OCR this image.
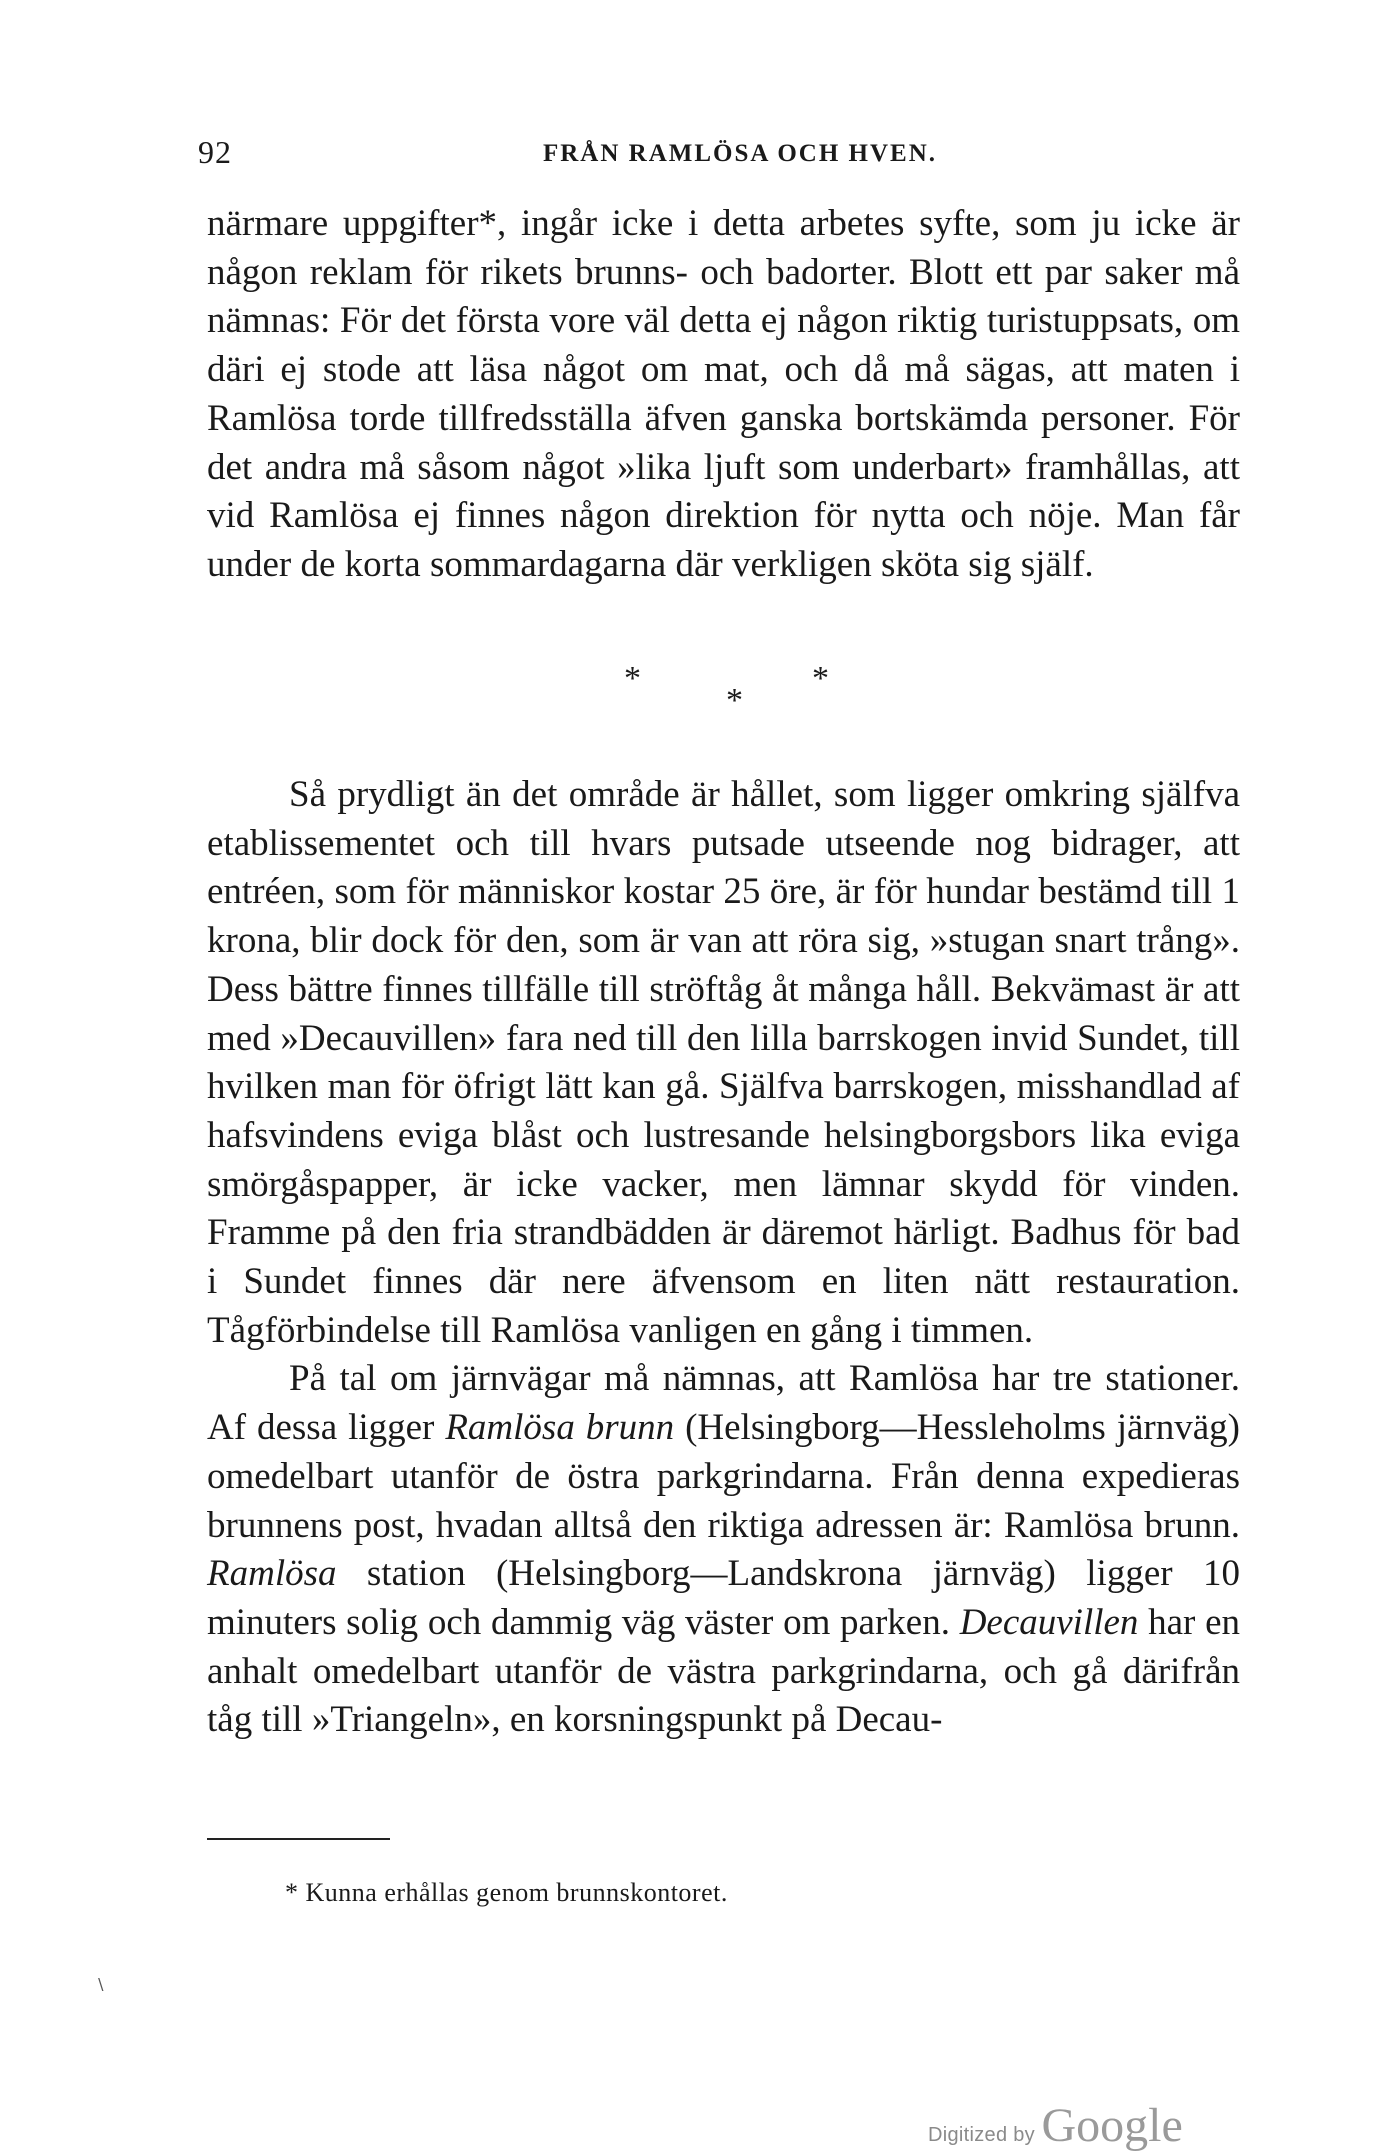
92	FRÅN RAMLÖSA OCH HVEN.

närmare uppgifter*, ingår icke i detta arbetes syfte, som ju icke är någon reklam för rikets brunns- och badorter. Blott ett par saker må nämnas: För det första vore väl detta ej någon riktig turistuppsats, om däri ej stode att läsa något om mat, och då må sägas, att maten i Ramlösa torde tillfredsställa äfven ganska bortskämda personer. För det andra må såsom något »lika ljuft som underbart» framhållas, att vid Ramlösa ej finnes någon direktion för nytta och nöje. Man får under de korta sommardagarna där verkligen sköta sig själf.

*
*
*

Så prydligt än det område är hållet, som ligger omkring själfva etablissementet och till hvars putsade utseende nog bidrager, att entréen, som för människor kostar 25 öre, är för hundar bestämd till 1 krona, blir dock för den, som är van att röra sig, »stugan snart trång». Dess bättre finnes tillfälle till ströftåg åt många håll. Bekvämast är att med »Decauvillen» fara ned till den lilla barrskogen invid Sundet, till hvilken man för öfrigt lätt kan gå. Själfva barrskogen, misshandlad af hafsvindens eviga blåst och lustresande helsingborgsbors lika eviga smörgåspapper, är icke vacker, men lämnar skydd för vinden. Framme på den fria strandbädden är däremot härligt. Badhus för bad i Sundet finnes där nere äfvensom en liten nätt restauration. Tågförbindelse till Ramlösa vanligen en gång i timmen.

På tal om järnvägar må nämnas, att Ramlösa har tre stationer. Af dessa ligger Ramlösa brunn (Helsingborg—Hessleholms järnväg) omedelbart utanför de östra parkgrindarna. Från denna expedieras brunnens post, hvadan alltså den riktiga adressen är: Ramlösa brunn. Ramlösa station (Helsingborg—Landskrona järnväg) ligger 10 minuters solig och dammig väg väster om parken. Decauvillen har en anhalt omedelbart utanför de västra parkgrindarna, och gå därifrån tåg till »Triangeln», en korsningspunkt på Decau-

* Kunna erhållas genom brunnskontoret.
∖
Digitized by Google
